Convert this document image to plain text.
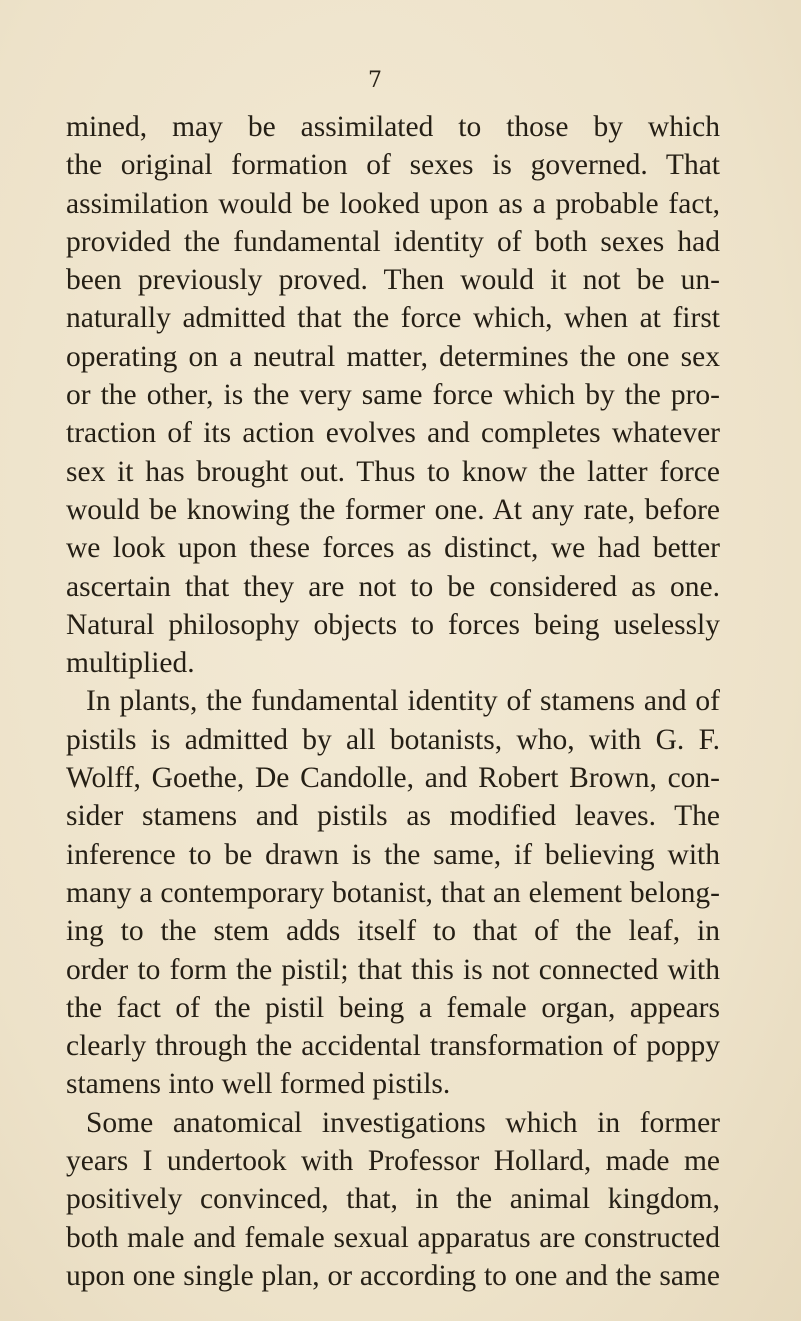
7
mined, may be assimilated to those by which
the original formation of sexes is governed. That
assimilation would be looked upon as a probable fact,
provided the fundamental identity of both sexes had
been previously proved. Then would it not be un-
naturally admitted that the force which, when at first
operating on a neutral matter, determines the one sex
or the other, is the very same force which by the pro-
traction of its action evolves and completes whatever
sex it has brought out. Thus to know the latter force
would be knowing the former one. At any rate, before
we look upon these forces as distinct, we had better
ascertain that they are not to be considered as one.
Natural philosophy objects to forces being uselessly
multiplied.
In plants, the fundamental identity of stamens and of
pistils is admitted by all botanists, who, with G. F.
Wolff, Goethe, De Candolle, and Robert Brown, con-
sider stamens and pistils as modified leaves. The
inference to be drawn is the same, if believing with
many a contemporary botanist, that an element belong-
ing to the stem adds itself to that of the leaf, in
order to form the pistil; that this is not connected with
the fact of the pistil being a female organ, appears
clearly through the accidental transformation of poppy
stamens into well formed pistils.
Some anatomical investigations which in former
years I undertook with Professor Hollard, made me
positively convinced, that, in the animal kingdom,
both male and female sexual apparatus are constructed
upon one single plan, or according to one and the same
